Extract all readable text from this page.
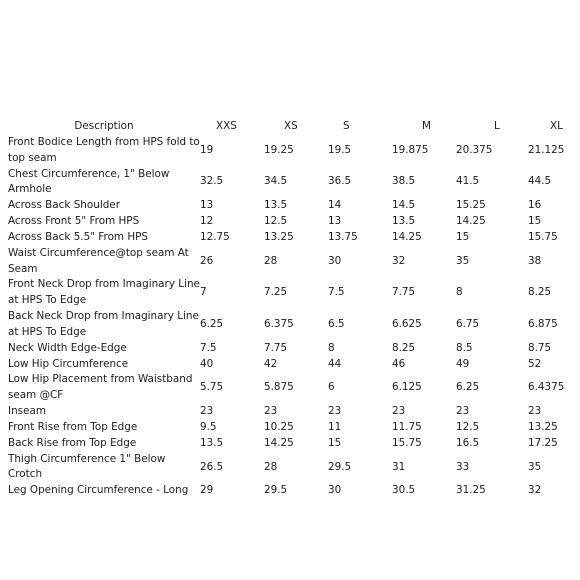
Description	XXS	XS	S	M	L	XL
Front Bodice Length from HPS fold to top seam	19	19.25	19.5	19.875	20.375	21.125
Chest Circumference, 1" Below Armhole	32.5	34.5	36.5	38.5	41.5	44.5
Across Back Shoulder	13	13.5	14	14.5	15.25	16
Across Front 5" From HPS	12	12.5	13	13.5	14.25	15
Across Back 5.5" From HPS	12.75	13.25	13.75	14.25	15	15.75
Waist Circumference@top seam At Seam	26	28	30	32	35	38
Front Neck Drop from Imaginary Line at HPS To Edge	7	7.25	7.5	7.75	8	8.25
Back Neck Drop from Imaginary Line at HPS To Edge	6.25	6.375	6.5	6.625	6.75	6.875
Neck Width Edge-Edge	7.5	7.75	8	8.25	8.5	8.75
Low Hip Circumference	40	42	44	46	49	52
Low Hip Placement from Waistband seam @CF	5.75	5.875	6	6.125	6.25	6.4375
Inseam	23	23	23	23	23	23
Front Rise from Top Edge	9.5	10.25	11	11.75	12.5	13.25
Back Rise from Top Edge	13.5	14.25	15	15.75	16.5	17.25
Thigh Circumference 1" Below Crotch	26.5	28	29.5	31	33	35
Leg Opening Circumference - Long	29	29.5	30	30.5	31.25	32
